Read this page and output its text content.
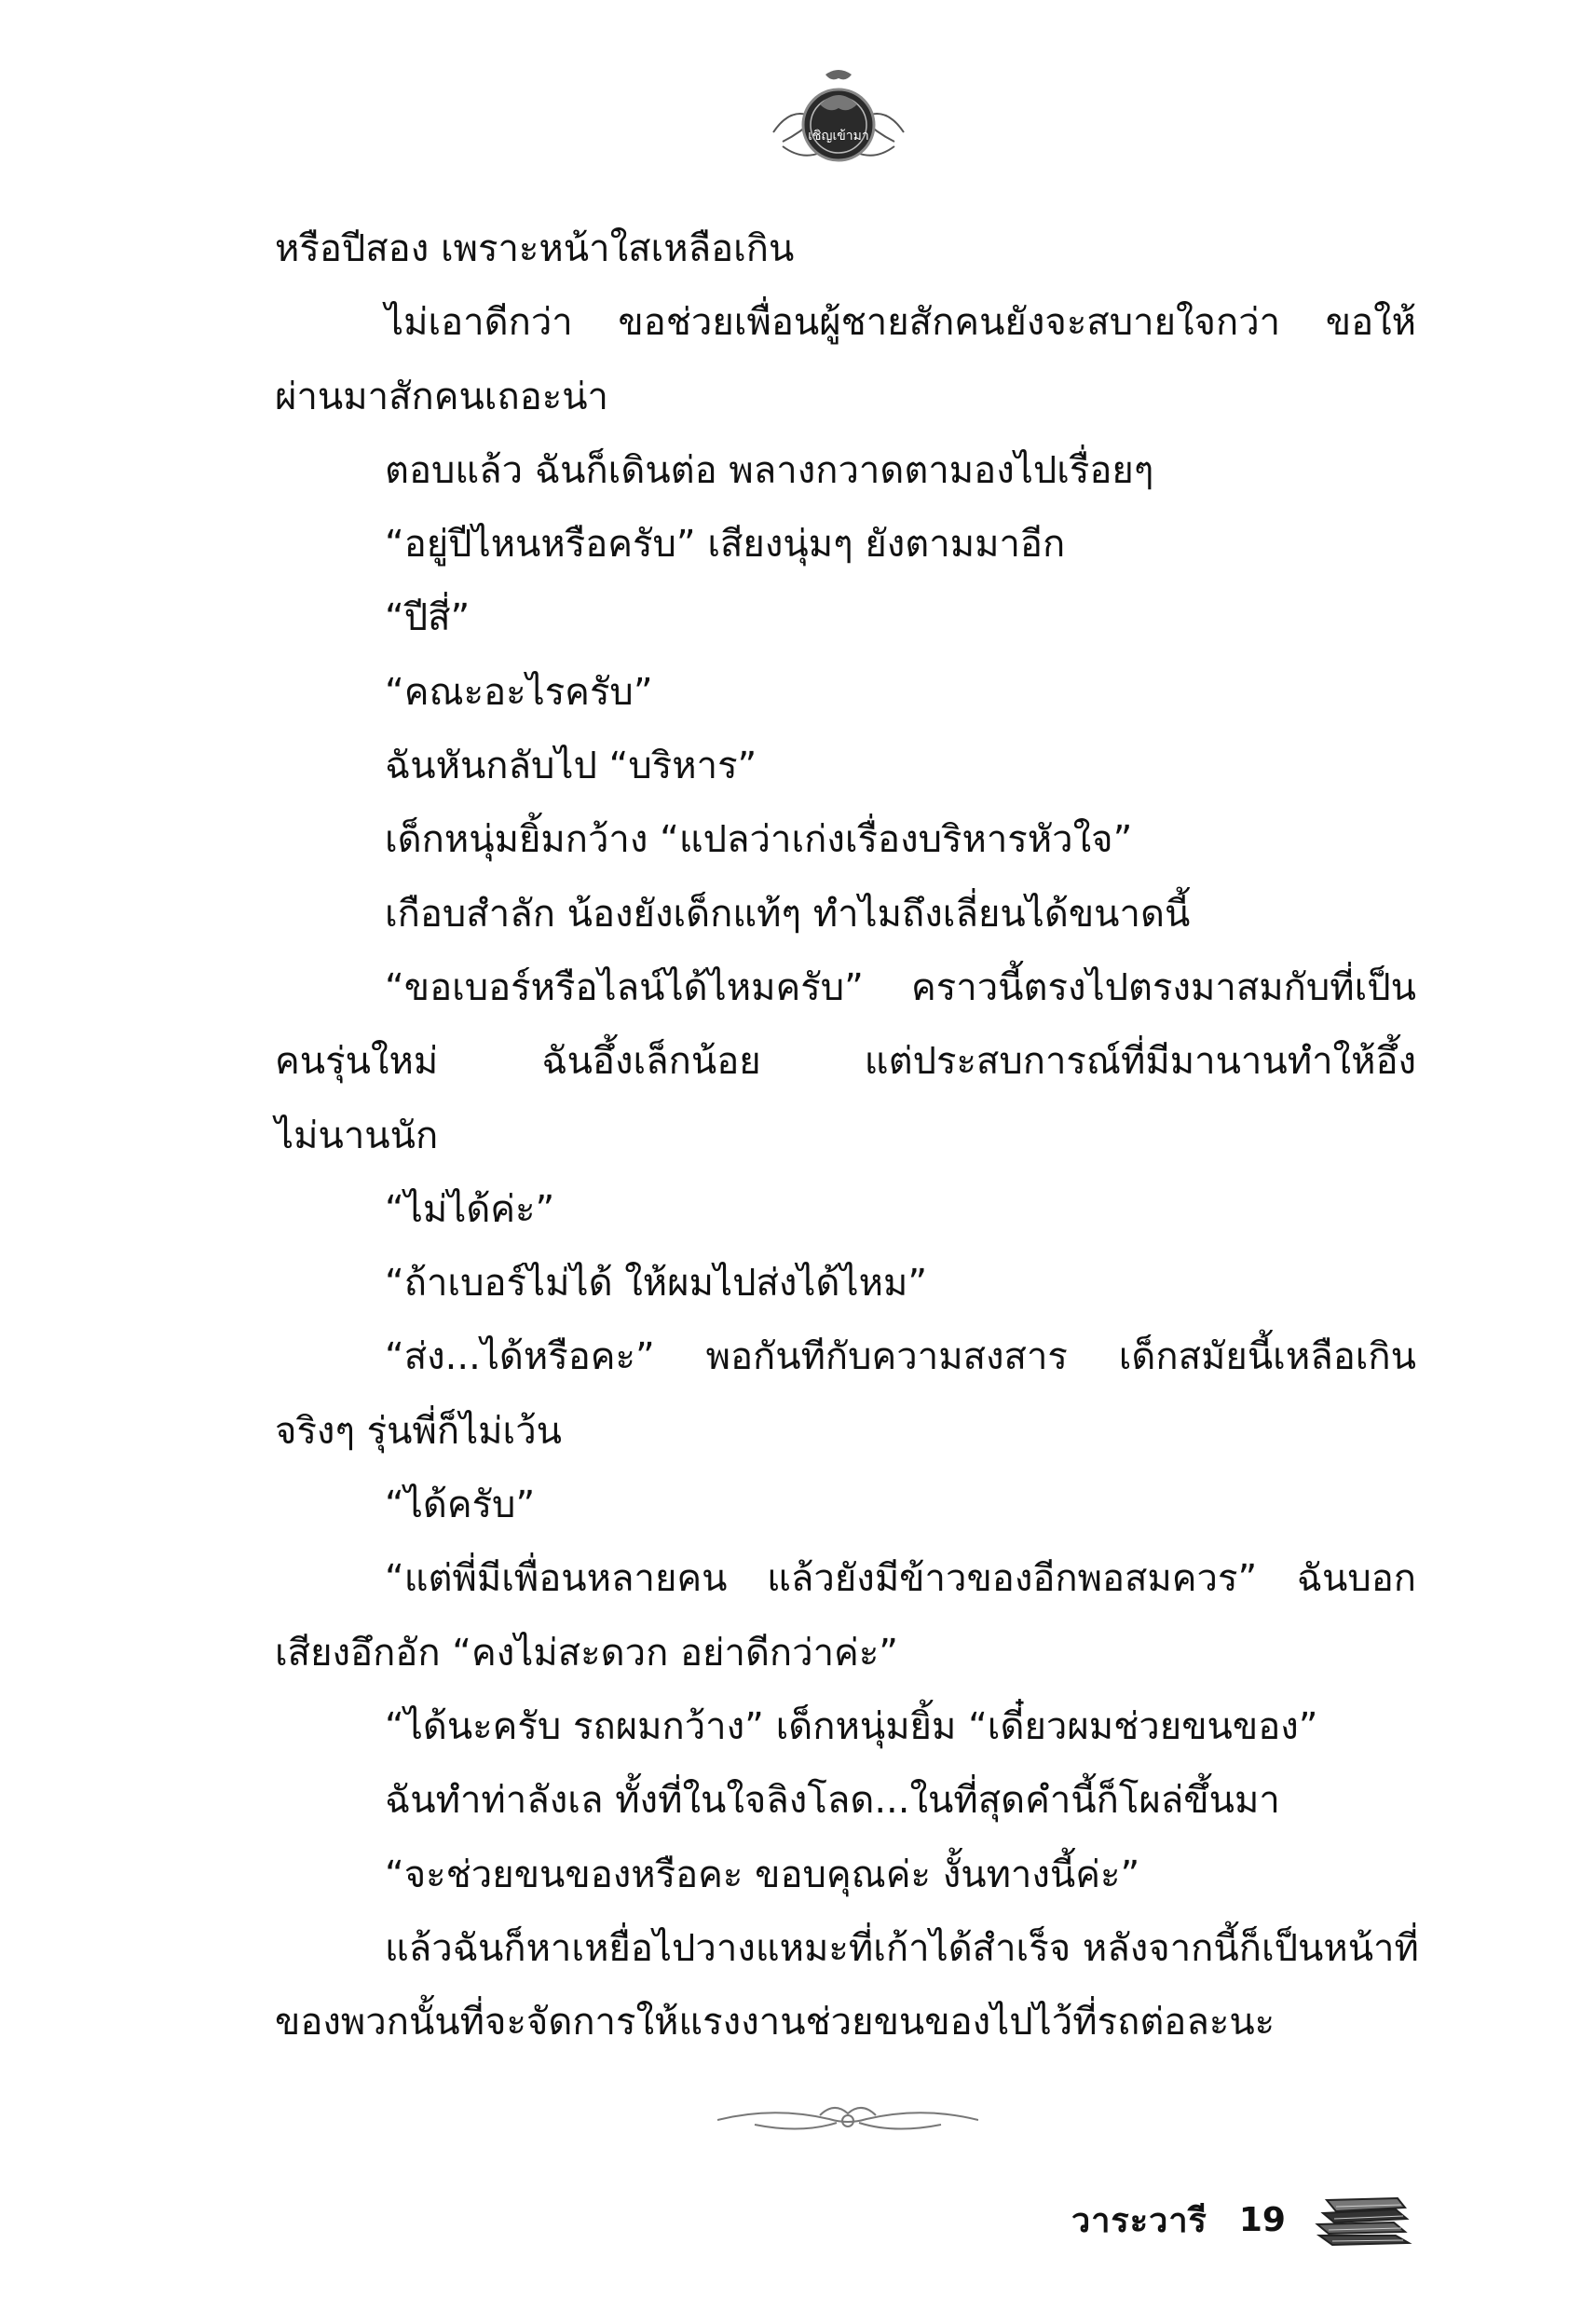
เชิญเข้ามา
หรือปีสอง เพราะหน้าใสเหลือเกิน
ไม่เอาดีกว่า ขอช่วยเพื่อนผู้ชายสักคนยังจะสบายใจกว่า ขอให้
ผ่านมาสักคนเถอะน่า
ตอบแล้ว ฉันก็เดินต่อ พลางกวาดตามองไปเรื่อยๆ
“อยู่ปีไหนหรือครับ” เสียงนุ่มๆ ยังตามมาอีก
“ปีสี่”
“คณะอะไรครับ”
ฉันหันกลับไป “บริหาร”
เด็กหนุ่มยิ้มกว้าง “แปลว่าเก่งเรื่องบริหารหัวใจ”
เกือบสำลัก น้องยังเด็กแท้ๆ ทำไมถึงเลี่ยนได้ขนาดนี้
“ขอเบอร์หรือไลน์ได้ไหมครับ” คราวนี้ตรงไปตรงมาสมกับที่เป็น
คนรุ่นใหม่ ฉันอึ้งเล็กน้อย แต่ประสบการณ์ที่มีมานานทำให้อึ้ง
ไม่นานนัก
“ไม่ได้ค่ะ”
“ถ้าเบอร์ไม่ได้ ให้ผมไปส่งได้ไหม”
“ส่ง...ได้หรือคะ” พอกันทีกับความสงสาร เด็กสมัยนี้เหลือเกิน
จริงๆ รุ่นพี่ก็ไม่เว้น
“ได้ครับ”
“แต่พี่มีเพื่อนหลายคน แล้วยังมีข้าวของอีกพอสมควร” ฉันบอก
เสียงอึกอัก “คงไม่สะดวก อย่าดีกว่าค่ะ”
“ได้นะครับ รถผมกว้าง” เด็กหนุ่มยิ้ม “เดี๋ยวผมช่วยขนของ”
ฉันทำท่าลังเล ทั้งที่ในใจลิงโลด...ในที่สุดคำนี้ก็โผล่ขึ้นมา
“จะช่วยขนของหรือคะ ขอบคุณค่ะ งั้นทางนี้ค่ะ”
แล้วฉันก็หาเหยื่อไปวางแหมะที่เก้าได้สำเร็จ หลังจากนี้ก็เป็นหน้าที่
ของพวกนั้นที่จะจัดการให้แรงงานช่วยขนของไปไว้ที่รถต่อละนะ
วาระวารี 19
